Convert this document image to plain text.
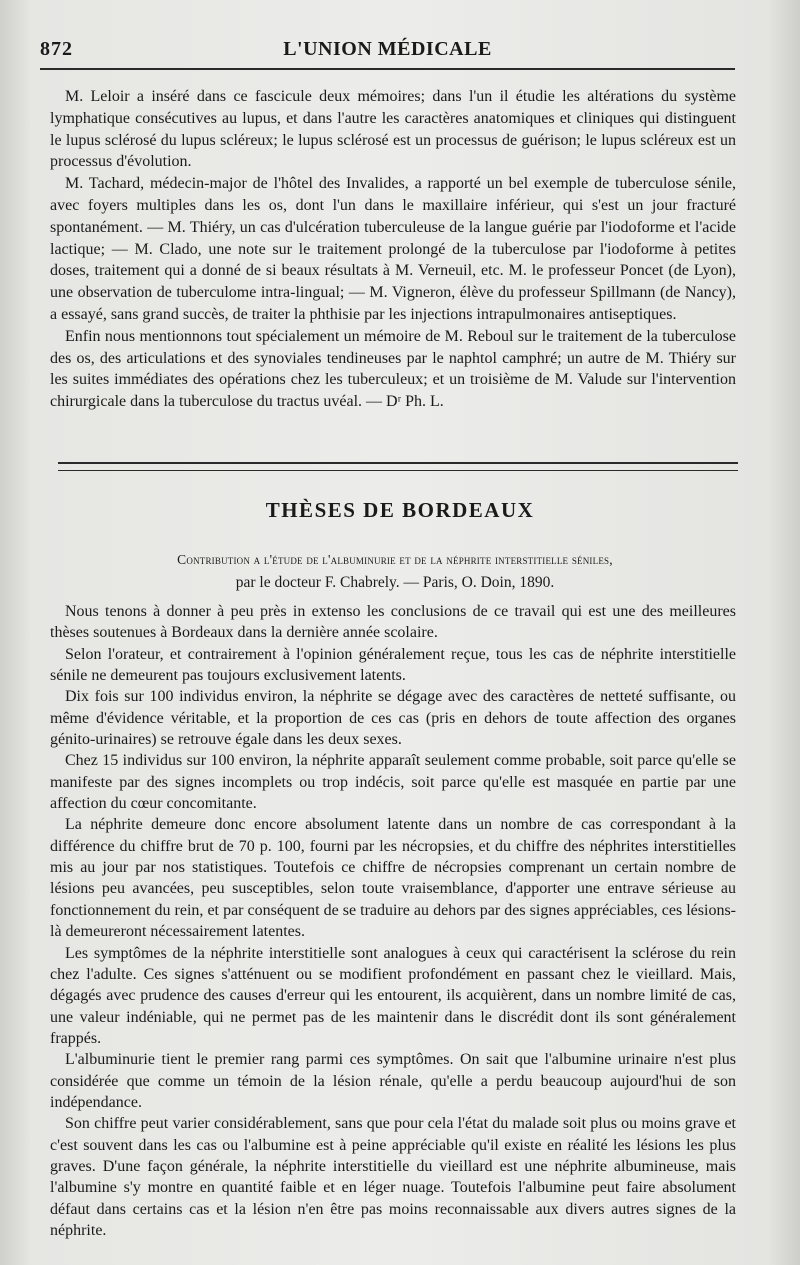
872	L'UNION MÉDICALE

M. Leloir a inséré dans ce fascicule deux mémoires; dans l'un il étudie les altérations du système lymphatique consécutives au lupus, et dans l'autre les caractères anatomiques et cliniques qui distinguent le lupus sclérosé du lupus scléreux; le lupus sclérosé est un processus de guérison; le lupus scléreux est un processus d'évolution.

M. Tachard, médecin-major de l'hôtel des Invalides, a rapporté un bel exemple de tuberculose sénile, avec foyers multiples dans les os, dont l'un dans le maxillaire inférieur, qui s'est un jour fracturé spontanément. — M. Thiéry, un cas d'ulcération tuberculeuse de la langue guérie par l'iodoforme et l'acide lactique; — M. Clado, une note sur le traitement prolongé de la tuberculose par l'iodoforme à petites doses, traitement qui a donné de si beaux résultats à M. Verneuil, etc. M. le professeur Poncet (de Lyon), une observation de tuberculome intra-lingual; — M. Vigneron, élève du professeur Spillmann (de Nancy), a essayé, sans grand succès, de traiter la phthisie par les injections intrapulmonaires antiseptiques.

Enfin nous mentionnons tout spécialement un mémoire de M. Reboul sur le traitement de la tuberculose des os, des articulations et des synoviales tendineuses par le naphtol camphré; un autre de M. Thiéry sur les suites immédiates des opérations chez les tuberculeux; et un troisième de M. Valude sur l'intervention chirurgicale dans la tuberculose du tractus uvéal. — Dʳ Ph. L.

THÈSES DE BORDEAUX
Contribution a l'étude de l'albuminurie et de la néphrite interstitielle séniles,
par le docteur F. Chabrely. — Paris, O. Doin, 1890.

Nous tenons à donner à peu près in extenso les conclusions de ce travail qui est une des meilleures thèses soutenues à Bordeaux dans la dernière année scolaire.

Selon l'orateur, et contrairement à l'opinion généralement reçue, tous les cas de néphrite interstitielle sénile ne demeurent pas toujours exclusivement latents.

Dix fois sur 100 individus environ, la néphrite se dégage avec des caractères de netteté suffisante, ou même d'évidence véritable, et la proportion de ces cas (pris en dehors de toute affection des organes génito-urinaires) se retrouve égale dans les deux sexes.

Chez 15 individus sur 100 environ, la néphrite apparaît seulement comme probable, soit parce qu'elle se manifeste par des signes incomplets ou trop indécis, soit parce qu'elle est masquée en partie par une affection du cœur concomitante.

La néphrite demeure donc encore absolument latente dans un nombre de cas correspondant à la différence du chiffre brut de 70 p. 100, fourni par les nécropsies, et du chiffre des néphrites interstitielles mis au jour par nos statistiques. Toutefois ce chiffre de nécropsies comprenant un certain nombre de lésions peu avancées, peu susceptibles, selon toute vraisemblance, d'apporter une entrave sérieuse au fonctionnement du rein, et par conséquent de se traduire au dehors par des signes appréciables, ces lésions-là demeureront nécessairement latentes.

Les symptômes de la néphrite interstitielle sont analogues à ceux qui caractérisent la sclérose du rein chez l'adulte. Ces signes s'atténuent ou se modifient profondément en passant chez le vieillard. Mais, dégagés avec prudence des causes d'erreur qui les entourent, ils acquièrent, dans un nombre limité de cas, une valeur indéniable, qui ne permet pas de les maintenir dans le discrédit dont ils sont généralement frappés.

L'albuminurie tient le premier rang parmi ces symptômes. On sait que l'albumine urinaire n'est plus considérée que comme un témoin de la lésion rénale, qu'elle a perdu beaucoup aujourd'hui de son indépendance.

Son chiffre peut varier considérablement, sans que pour cela l'état du malade soit plus ou moins grave et c'est souvent dans les cas ou l'albumine est à peine appréciable qu'il existe en réalité les lésions les plus graves. D'une façon générale, la néphrite interstitielle du vieillard est une néphrite albumineuse, mais l'albumine s'y montre en quantité faible et en léger nuage. Toutefois l'albumine peut faire absolument défaut dans certains cas et la lésion n'en être pas moins reconnaissable aux divers autres signes de la néphrite.
